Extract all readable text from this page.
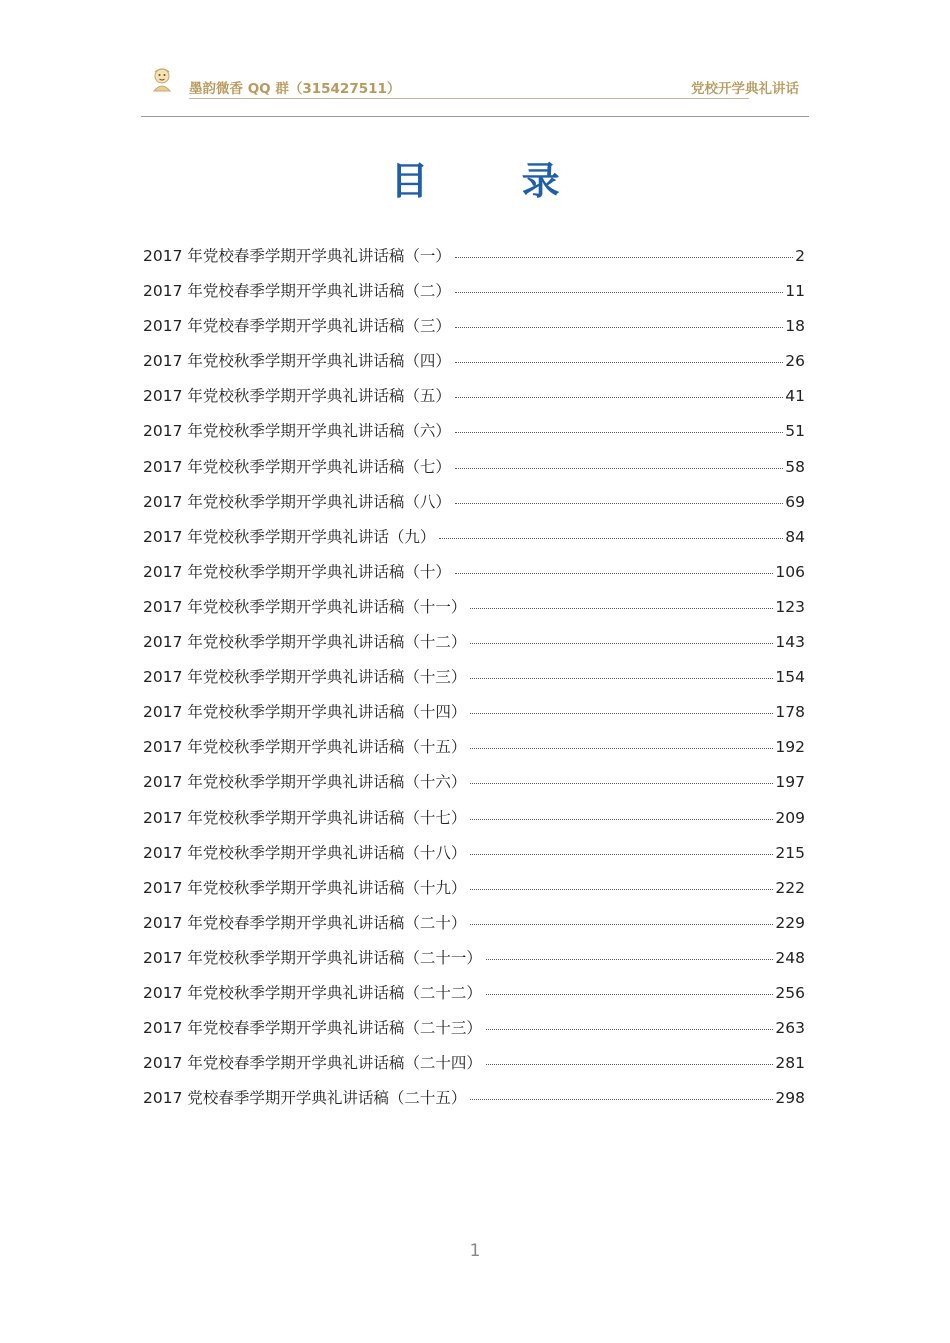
墨韵微香 QQ 群（315427511）	党校开学典礼讲话
目 录
2017 年党校春季学期开学典礼讲话稿（一）	2
2017 年党校春季学期开学典礼讲话稿（二）	11
2017 年党校春季学期开学典礼讲话稿（三）	18
2017 年党校秋季学期开学典礼讲话稿（四）	26
2017 年党校秋季学期开学典礼讲话稿（五）	41
2017 年党校秋季学期开学典礼讲话稿（六）	51
2017 年党校秋季学期开学典礼讲话稿（七）	58
2017 年党校秋季学期开学典礼讲话稿（八）	69
2017 年党校秋季学期开学典礼讲话（九）	84
2017 年党校秋季学期开学典礼讲话稿（十）	106
2017 年党校秋季学期开学典礼讲话稿（十一）	123
2017 年党校秋季学期开学典礼讲话稿（十二）	143
2017 年党校秋季学期开学典礼讲话稿（十三）	154
2017 年党校秋季学期开学典礼讲话稿（十四）	178
2017 年党校秋季学期开学典礼讲话稿（十五）	192
2017 年党校秋季学期开学典礼讲话稿（十六）	197
2017 年党校秋季学期开学典礼讲话稿（十七）	209
2017 年党校秋季学期开学典礼讲话稿（十八）	215
2017 年党校秋季学期开学典礼讲话稿（十九）	222
2017 年党校春季学期开学典礼讲话稿（二十）	229
2017 年党校秋季学期开学典礼讲话稿（二十一）	248
2017 年党校秋季学期开学典礼讲话稿（二十二）	256
2017 年党校春季学期开学典礼讲话稿（二十三）	263
2017 年党校春季学期开学典礼讲话稿（二十四）	281
2017 党校春季学期开学典礼讲话稿（二十五）	298
1
